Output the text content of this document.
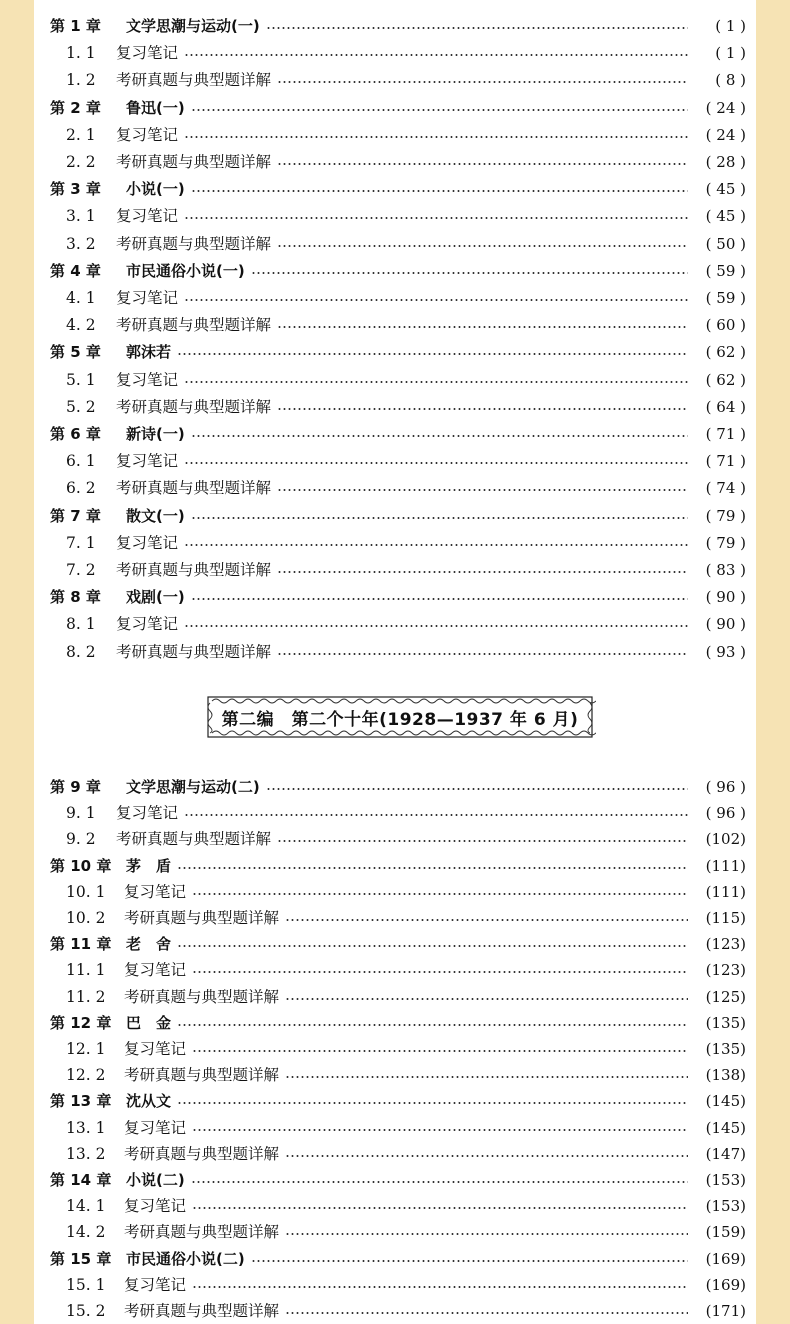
第 1 章	文学思潮与运动(一)	( 1 )
1. 1	复习笔记	( 1 )
1. 2	考研真题与典型题详解	( 8 )
第 2 章	鲁迅(一)	( 24 )
2. 1	复习笔记	( 24 )
2. 2	考研真题与典型题详解	( 28 )
第 3 章	小说(一)	( 45 )
3. 1	复习笔记	( 45 )
3. 2	考研真题与典型题详解	( 50 )
第 4 章	市民通俗小说(一)	( 59 )
4. 1	复习笔记	( 59 )
4. 2	考研真题与典型题详解	( 60 )
第 5 章	郭沫若	( 62 )
5. 1	复习笔记	( 62 )
5. 2	考研真题与典型题详解	( 64 )
第 6 章	新诗(一)	( 71 )
6. 1	复习笔记	( 71 )
6. 2	考研真题与典型题详解	( 74 )
第 7 章	散文(一)	( 79 )
7. 1	复习笔记	( 79 )
7. 2	考研真题与典型题详解	( 83 )
第 8 章	戏剧(一)	( 90 )
8. 1	复习笔记	( 90 )
8. 2	考研真题与典型题详解	( 93 )
第二编　第二个十年(1928—1937 年 6 月)
第 9 章	文学思潮与运动(二)	( 96 )
9. 1	复习笔记	( 96 )
9. 2	考研真题与典型题详解	(102)
第 10 章 茅　盾	(111)
10. 1	复习笔记	(111)
10. 2	考研真题与典型题详解	(115)
第 11 章 老　舍	(123)
11. 1	复习笔记	(123)
11. 2	考研真题与典型题详解	(125)
第 12 章 巴　金	(135)
12. 1	复习笔记	(135)
12. 2	考研真题与典型题详解	(138)
第 13 章 沈从文	(145)
13. 1	复习笔记	(145)
13. 2	考研真题与典型题详解	(147)
第 14 章 小说(二)	(153)
14. 1	复习笔记	(153)
14. 2	考研真题与典型题详解	(159)
第 15 章 市民通俗小说(二)	(169)
15. 1	复习笔记	(169)
15. 2	考研真题与典型题详解	(171)
